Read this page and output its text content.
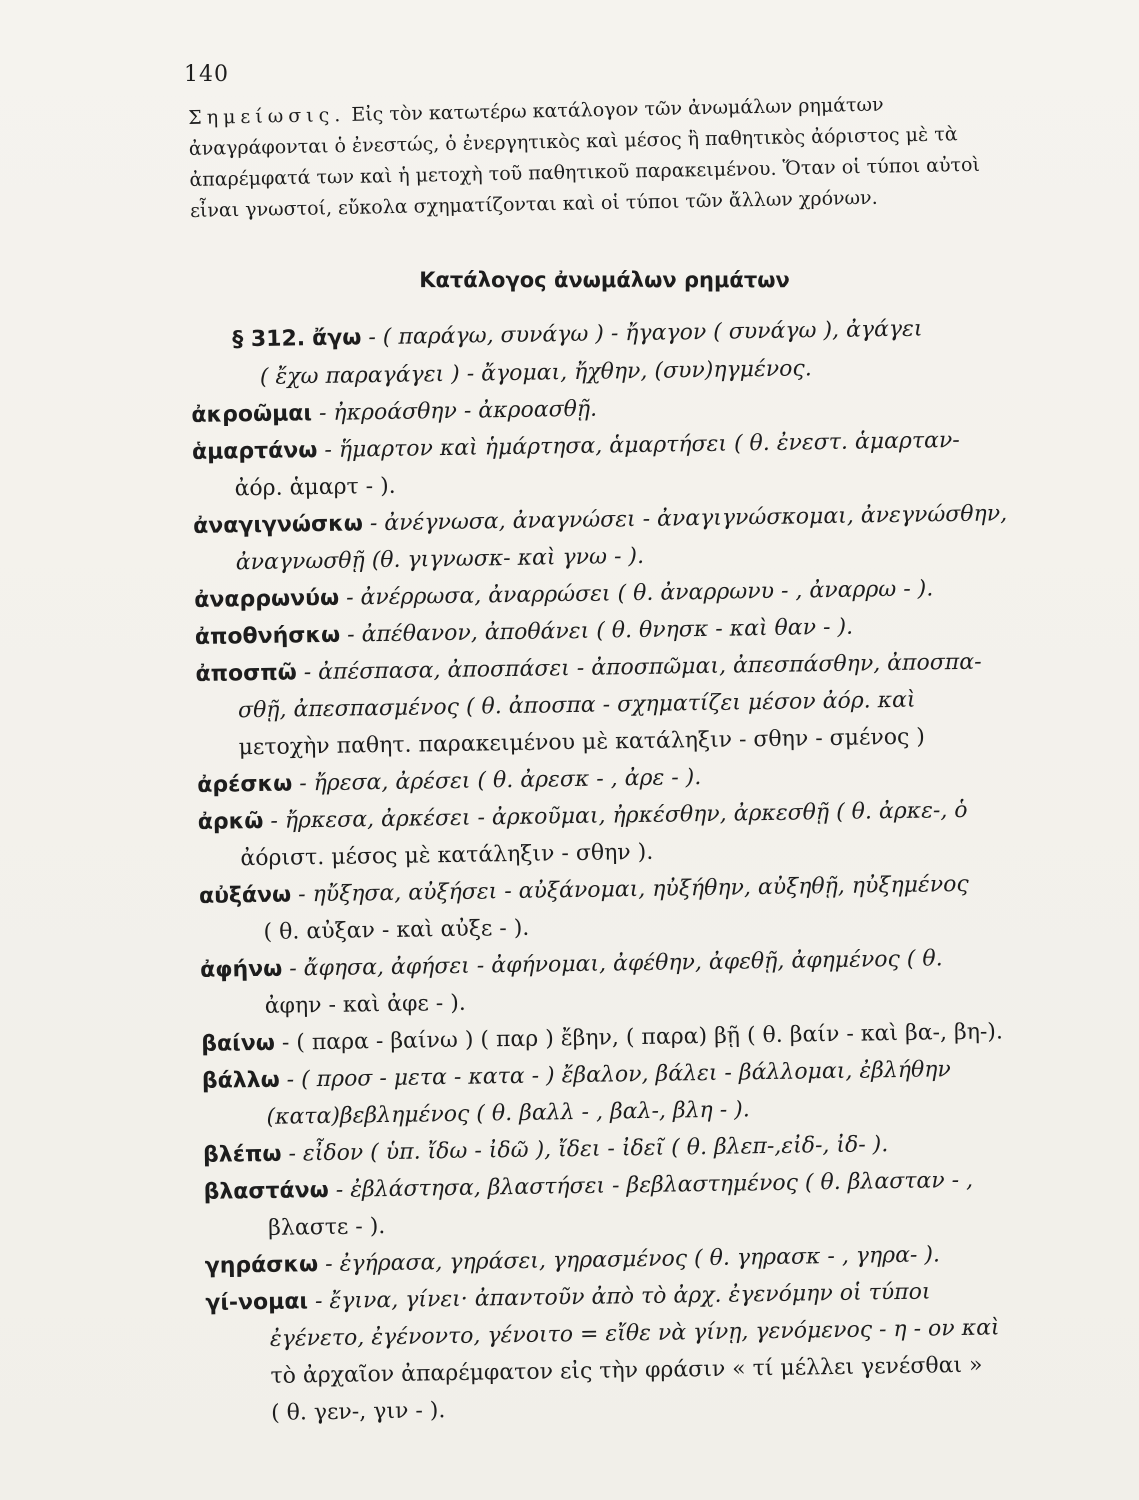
140
Σημείωσις. Εἰς τὸν κατωτέρω κατάλογον τῶν ἀνωμάλων ρημάτων
ἀναγράφονται ὁ ἐνεστώς, ὁ ἐνεργητικὸς καὶ μέσος ἢ παθητικὸς ἀόριστος μὲ τὰ
ἀπαρέμφατά των καὶ ἡ μετοχὴ τοῦ παθητικοῦ παρακειμένου. Ὅταν οἱ τύποι αὐτοὶ
εἶναι γνωστοί, εὔκολα σχηματίζονται καὶ οἱ τύποι τῶν ἄλλων χρόνων.
Κατάλογος ἀνωμάλων ρημάτων
§ 312. ἄγω - ( παράγω, συνάγω ) - ἤγαγον ( συνάγω ), ἀγάγει
( ἔχω παραγάγει ) - ἄγομαι, ἤχθην, (συν)ηγμένος.
ἀκροῶμαι - ἠκροάσθην - ἀκροασθῇ.
ἁμαρτάνω - ἥμαρτον καὶ ἡμάρτησα, ἁμαρτήσει ( θ. ἐνεστ. ἁμαρταν-
ἀόρ. ἁμαρτ - ).
ἀναγιγνώσκω - ἀνέγνωσα, ἀναγνώσει - ἀναγιγνώσκομαι, ἀνεγνώσθην,
ἀναγνωσθῇ (θ. γιγνωσκ- καὶ γνω - ).
ἀναρρωνύω - ἀνέρρωσα, ἀναρρώσει ( θ. ἀναρρωνυ - , ἀναρρω - ).
ἀποθνήσκω - ἀπέθανον, ἀποθάνει ( θ. θνησκ - καὶ θαν - ).
ἀποσπῶ - ἀπέσπασα, ἀποσπάσει - ἀποσπῶμαι, ἀπεσπάσθην, ἀποσπα-
σθῇ, ἀπεσπασμένος ( θ. ἀποσπα - σχηματίζει μέσον ἀόρ. καὶ
μετοχὴν παθητ. παρακειμένου μὲ κατάληξιν - σθην - σμένος )
ἀρέσκω - ἤρεσα, ἀρέσει ( θ. ἀρεσκ - , ἀρε - ).
ἀρκῶ - ἤρκεσα, ἀρκέσει - ἀρκοῦμαι, ἠρκέσθην, ἀρκεσθῇ ( θ. ἀρκε-, ὁ
ἀόριστ. μέσος μὲ κατάληξιν - σθην ).
αὐξάνω - ηὔξησα, αὐξήσει - αὐξάνομαι, ηὐξήθην, αὐξηθῇ, ηὐξημένος
( θ. αὐξαν - καὶ αὐξε - ).
ἀφήνω - ἄφησα, ἀφήσει - ἀφήνομαι, ἀφέθην, ἀφεθῇ, ἀφημένος ( θ.
ἀφην - καὶ ἀφε - ).
βαίνω - ( παρα - βαίνω ) ( παρ ) ἔβην, ( παρα) βῇ ( θ. βαίν - καὶ βα-, βη-).
βάλλω - ( προσ - μετα - κατα - ) ἔβαλον, βάλει - βάλλομαι, ἐβλήθην
(κατα)βεβλημένος ( θ. βαλλ - , βαλ-, βλη - ).
βλέπω - εἶδον ( ὑπ. ἴδω - ἰδῶ ), ἴδει - ἰδεῖ ( θ. βλεπ-,εἰδ-, ἰδ- ).
βλαστάνω - ἐβλάστησα, βλαστήσει - βεβλαστημένος ( θ. βλασταν - ,
βλαστε - ).
γηράσκω - ἐγήρασα, γηράσει, γηρασμένος ( θ. γηρασκ - , γηρα- ).
γί-νομαι - ἔγινα, γίνει· ἀπαντοῦν ἀπὸ τὸ ἀρχ. ἐγενόμην οἱ τύποι
ἐγένετο, ἐγένοντο, γένοιτο = εἴθε νὰ γίνῃ, γενόμενος - η - ον καὶ
τὸ ἀρχαῖον ἀπαρέμφατον εἰς τὴν φράσιν « τί μέλλει γενέσθαι »
( θ. γεν-, γιν - ).
